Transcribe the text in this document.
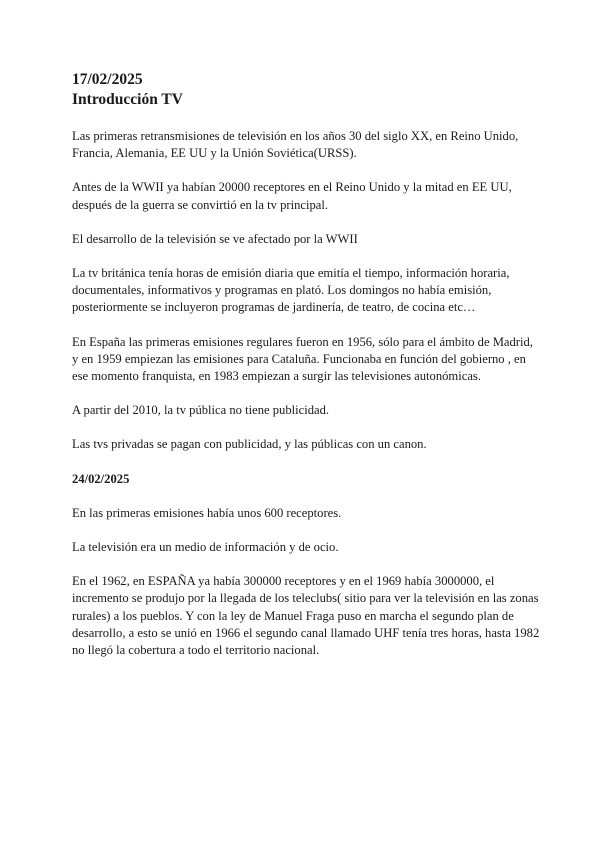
17/02/2025

Introducción TV

Las primeras retransmisiones de televisión en los años 30 del siglo XX, en Reino Unido, Francia, Alemania, EE UU y la Unión Soviética(URSS).

Antes de la WWII ya habían 20000 receptores en el Reino Unido y la mitad en EE UU, después de la guerra se convirtió en la tv principal.

El desarrollo de la televisión se ve afectado por la WWII

La tv británica tenía horas de emisión diaria que emitía el tiempo, información horaria, documentales, informativos y programas en plató. Los domingos no había emisión, posteriormente se incluyeron programas de jardinería, de teatro, de cocina etc…

En España las primeras emisiones regulares fueron en 1956, sólo para el ámbito de Madrid, y en 1959 empiezan las emisiones para Cataluña. Funcionaba en función del gobierno , en ese momento franquista, en 1983 empiezan a surgir las televisiones autonómicas.

A partir del 2010, la tv pública no tiene publicidad.

Las tvs privadas se pagan con publicidad, y las públicas con un canon.

24/02/2025

En las primeras emisiones había unos 600 receptores.

La televisión era un medio de información y de ocio.

En el 1962, en ESPAÑA ya había 300000 receptores y en el 1969 había 3000000, el incremento se produjo por la llegada de los teleclubs( sitio para ver la televisión en las zonas rurales) a los pueblos. Y con la ley de Manuel Fraga puso en marcha el segundo plan de desarrollo, a esto se unió en 1966 el segundo canal llamado UHF tenía tres horas, hasta 1982 no llegó la cobertura a todo el territorio nacional.
